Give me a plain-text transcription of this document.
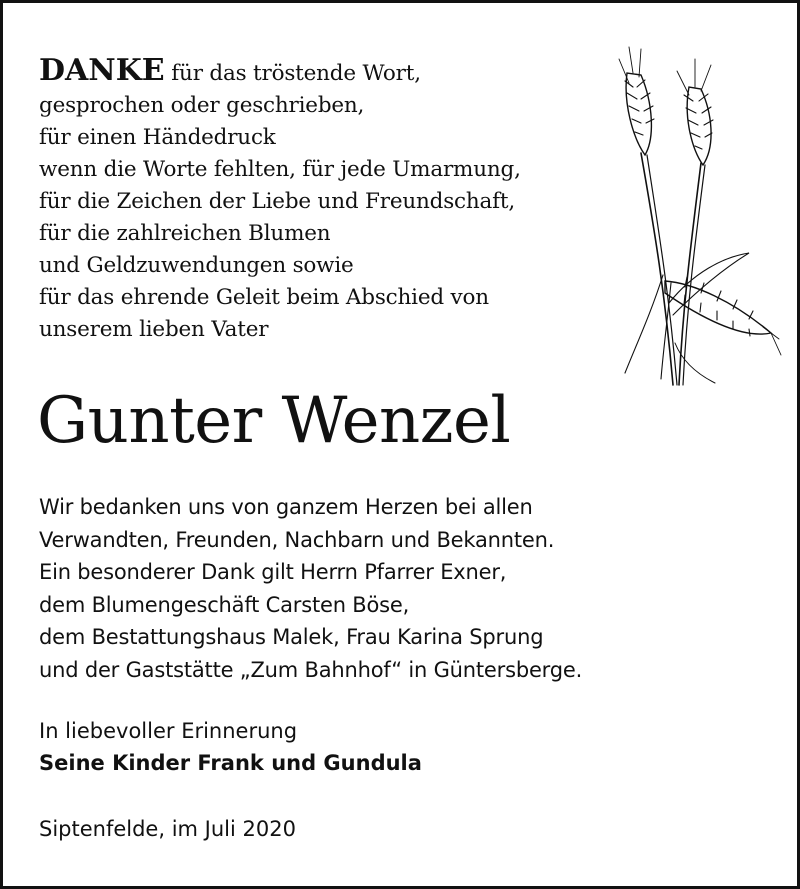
DANKE für das tröstende Wort,
gesprochen oder geschrieben,
für einen Händedruck
wenn die Worte fehlten, für jede Umarmung,
für die Zeichen der Liebe und Freundschaft,
für die zahlreichen Blumen
und Geldzuwendungen sowie
für das ehrende Geleit beim Abschied von
unserem lieben Vater
Gunter Wenzel
Wir bedanken uns von ganzem Herzen bei allen
Verwandten, Freunden, Nachbarn und Bekannten.
Ein besonderer Dank gilt Herrn Pfarrer Exner,
dem Blumengeschäft Carsten Böse,
dem Bestattungshaus Malek, Frau Karina Sprung
und der Gaststätte „Zum Bahnhof“ in Güntersberge.
In liebevoller Erinnerung
Seine Kinder Frank und Gundula
Siptenfelde, im Juli 2020
